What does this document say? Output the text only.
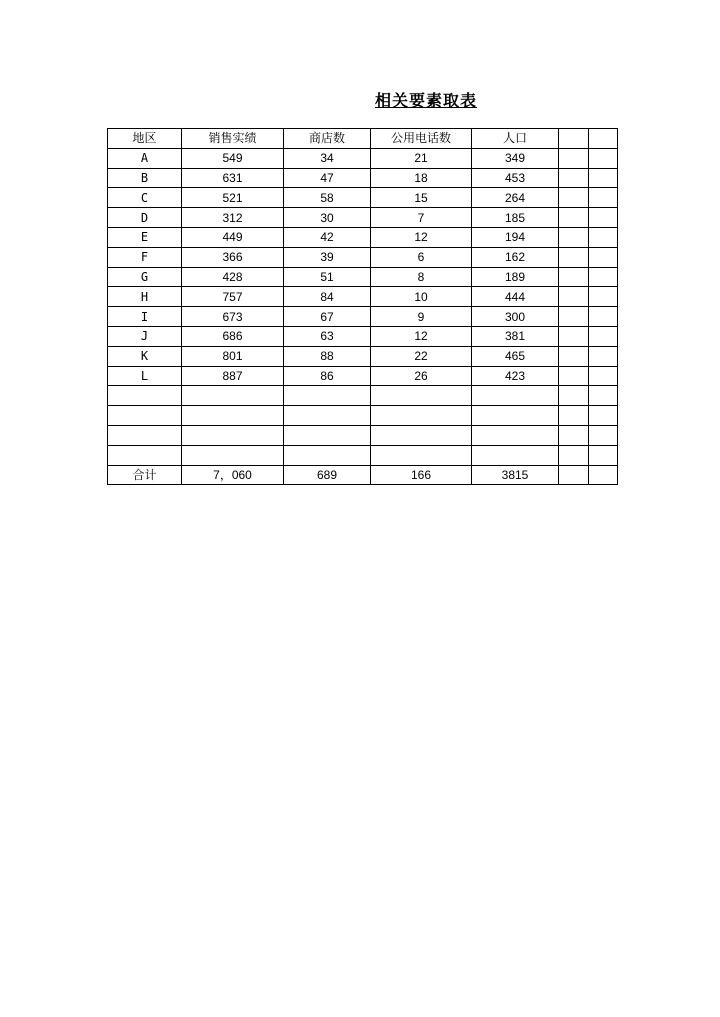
相关要素取表
地区	销售实绩	商店数	公用电话数	人口		
A	549	34	21	349		
B	631	47	18	453		
C	521	58	15	264		
D	312	30	7	185		
E	449	42	12	194		
F	366	39	6	162		
G	428	51	8	189		
H	757	84	10	444		
I	673	67	9	300		
J	686	63	12	381		
K	801	88	22	465		
L	887	86	26	423		

合计	7，060	689	166	3815		
